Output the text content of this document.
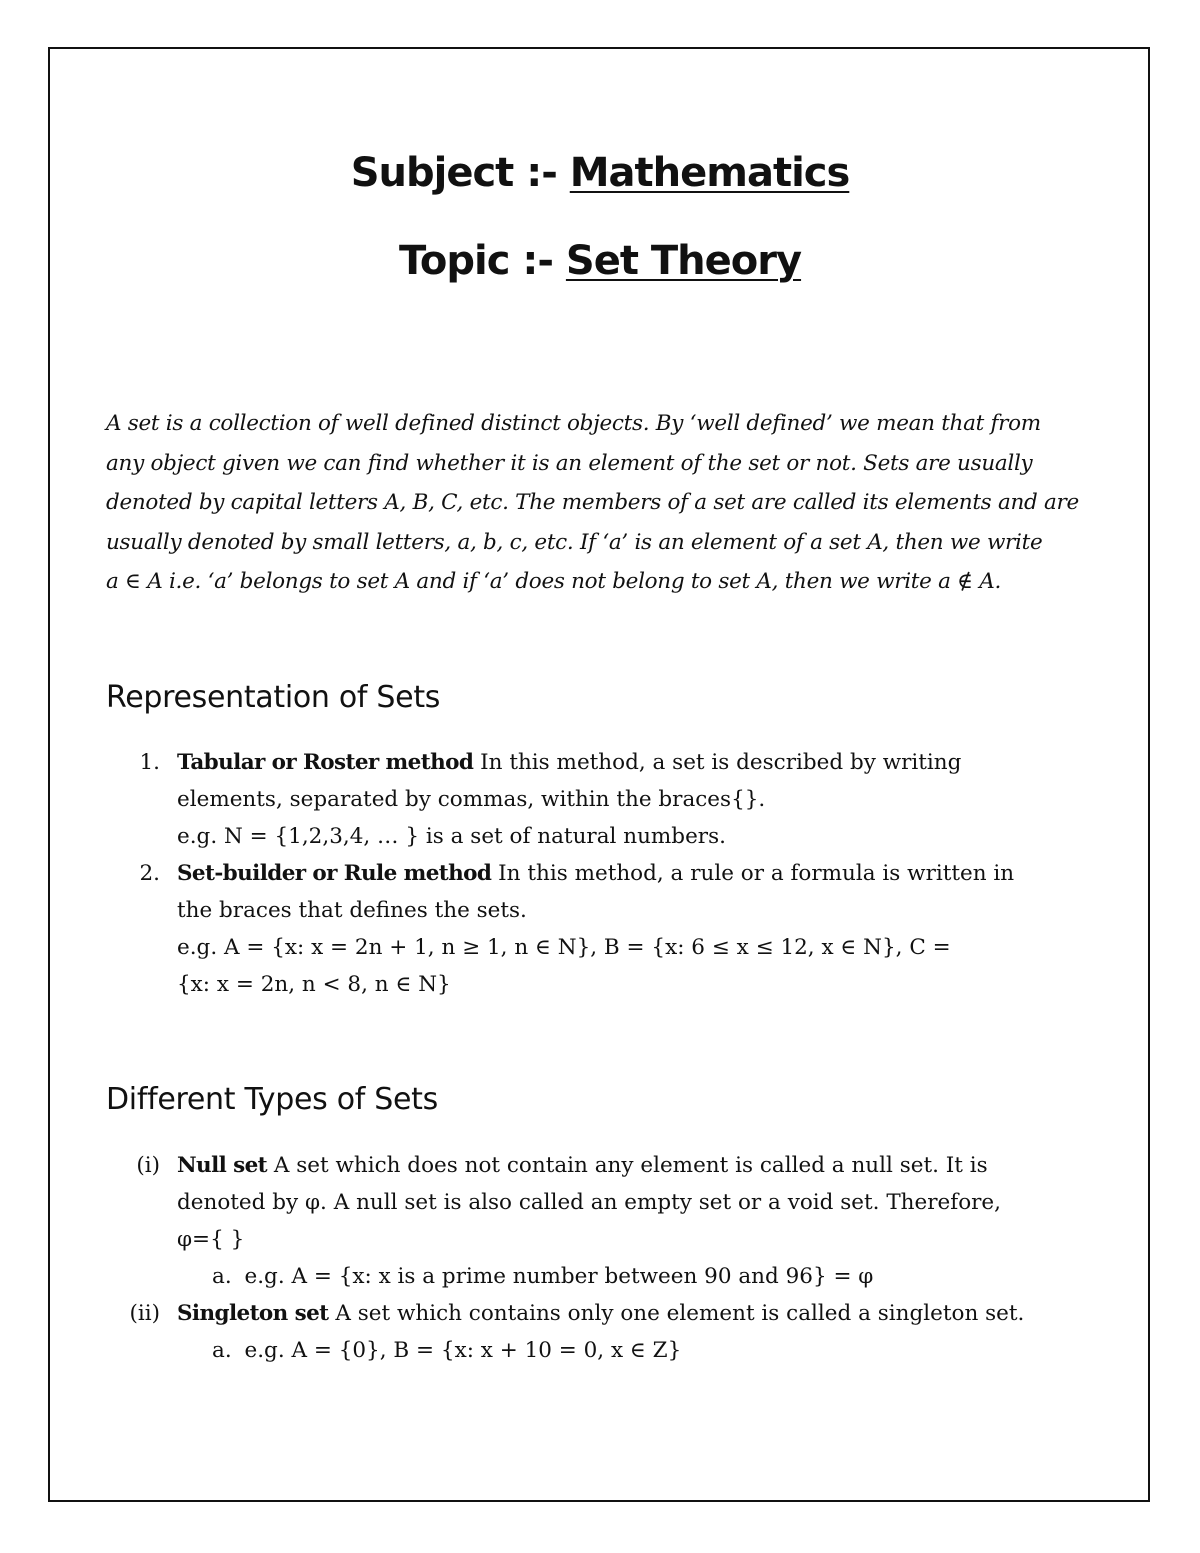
Subject :- Mathematics
Topic :- Set Theory
A set is a collection of well defined distinct objects. By ‘well defined’ we mean that from
any object given we can find whether it is an element of the set or not. Sets are usually
denoted by capital letters A, B, C, etc. The members of a set are called its elements and are
usually denoted by small letters, a, b, c, etc. If ‘a’ is an element of a set A, then we write
a ∈ A i.e. ‘a’ belongs to set A and if ‘a’ does not belong to set A, then we write a ∉ A.
Representation of Sets
1. Tabular or Roster method In this method, a set is described by writing
elements, separated by commas, within the braces{}.
e.g. N = {1,2,3,4, … } is a set of natural numbers.
2. Set-builder or Rule method In this method, a rule or a formula is written in
the braces that defines the sets.
e.g. A = {x: x = 2n + 1, n ≥ 1, n ∈ N}, B = {x: 6 ≤ x ≤ 12, x ∈ N}, C =
{x: x = 2n, n < 8, n ∈ N}
Different Types of Sets
(i) Null set A set which does not contain any element is called a null set. It is
denoted by φ. A null set is also called an empty set or a void set. Therefore,
φ={ }
a. e.g. A = {x: x is a prime number between 90 and 96} = φ
(ii) Singleton set A set which contains only one element is called a singleton set.
a. e.g. A = {0}, B = {x: x + 10 = 0, x ∈ Z}
